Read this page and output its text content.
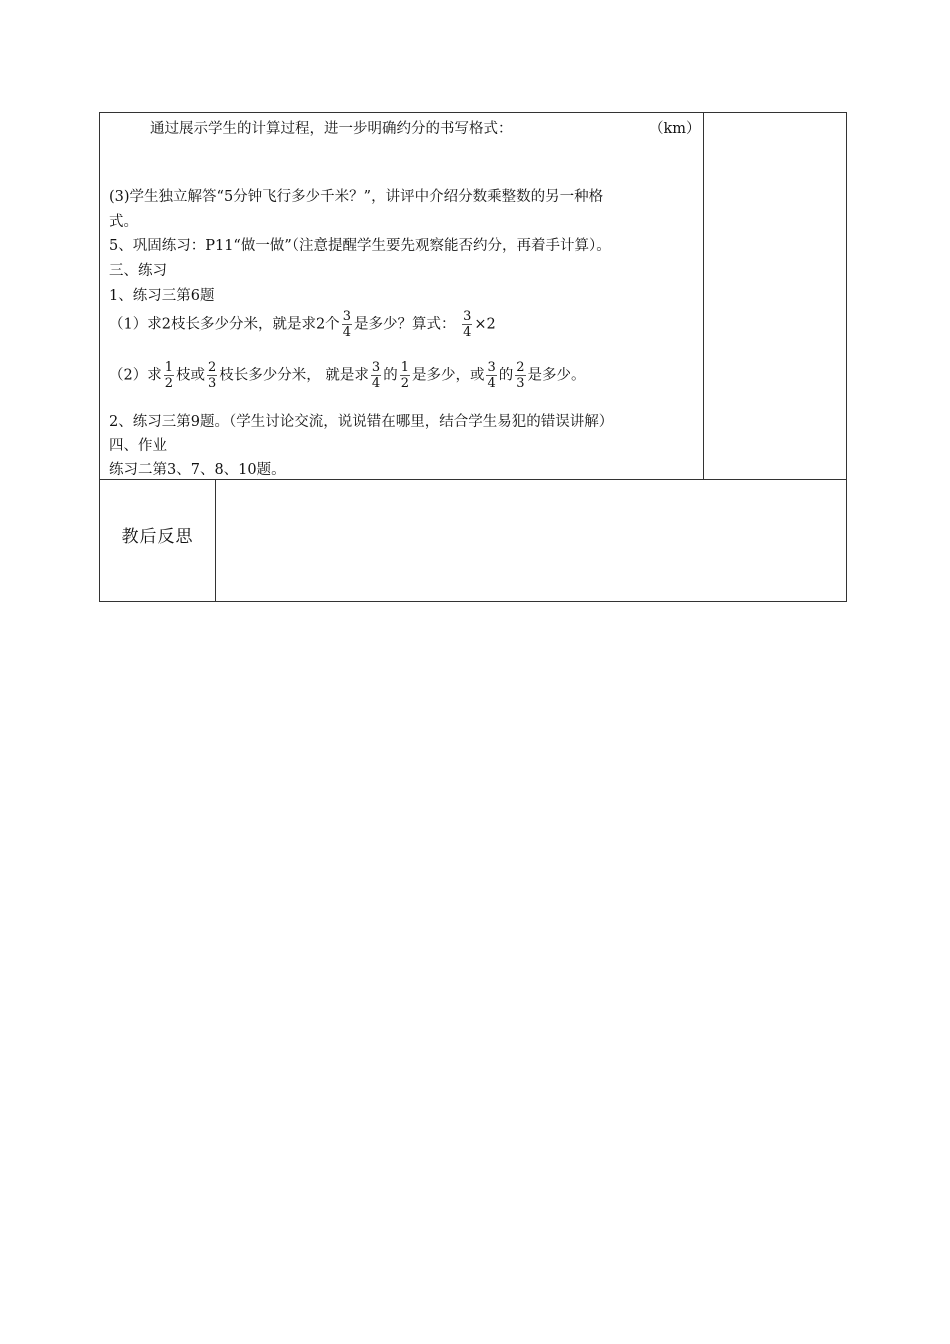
通过展示学生的计算过程，进一步明确约分的书写格式：	（km）
(3)学生独立解答“5分钟飞行多少千米？”，讲评中介绍分数乘整数的另一种格
式。
5、巩固练习：P11“做一做”（注意提醒学生要先观察能否约分，再着手计算）。
三、练习
1、练习三第6题
（1）求2枝长多少分米，就是求2个 $\frac{3}{4}$ 是多少？算式： $\frac{3}{4} \times 2$
（2）求 $\frac{1}{2}$ 枝或 $\frac{2}{3}$ 枝长多少分米， 就是求 $\frac{3}{4}$ 的 $\frac{1}{2}$ 是多少，或 $\frac{3}{4}$ 的 $\frac{2}{3}$ 是多少。
2、练习三第9题。（学生讨论交流，说说错在哪里，结合学生易犯的错误讲解）
四、作业
练习二第3、7、8、10题。
教后反思
